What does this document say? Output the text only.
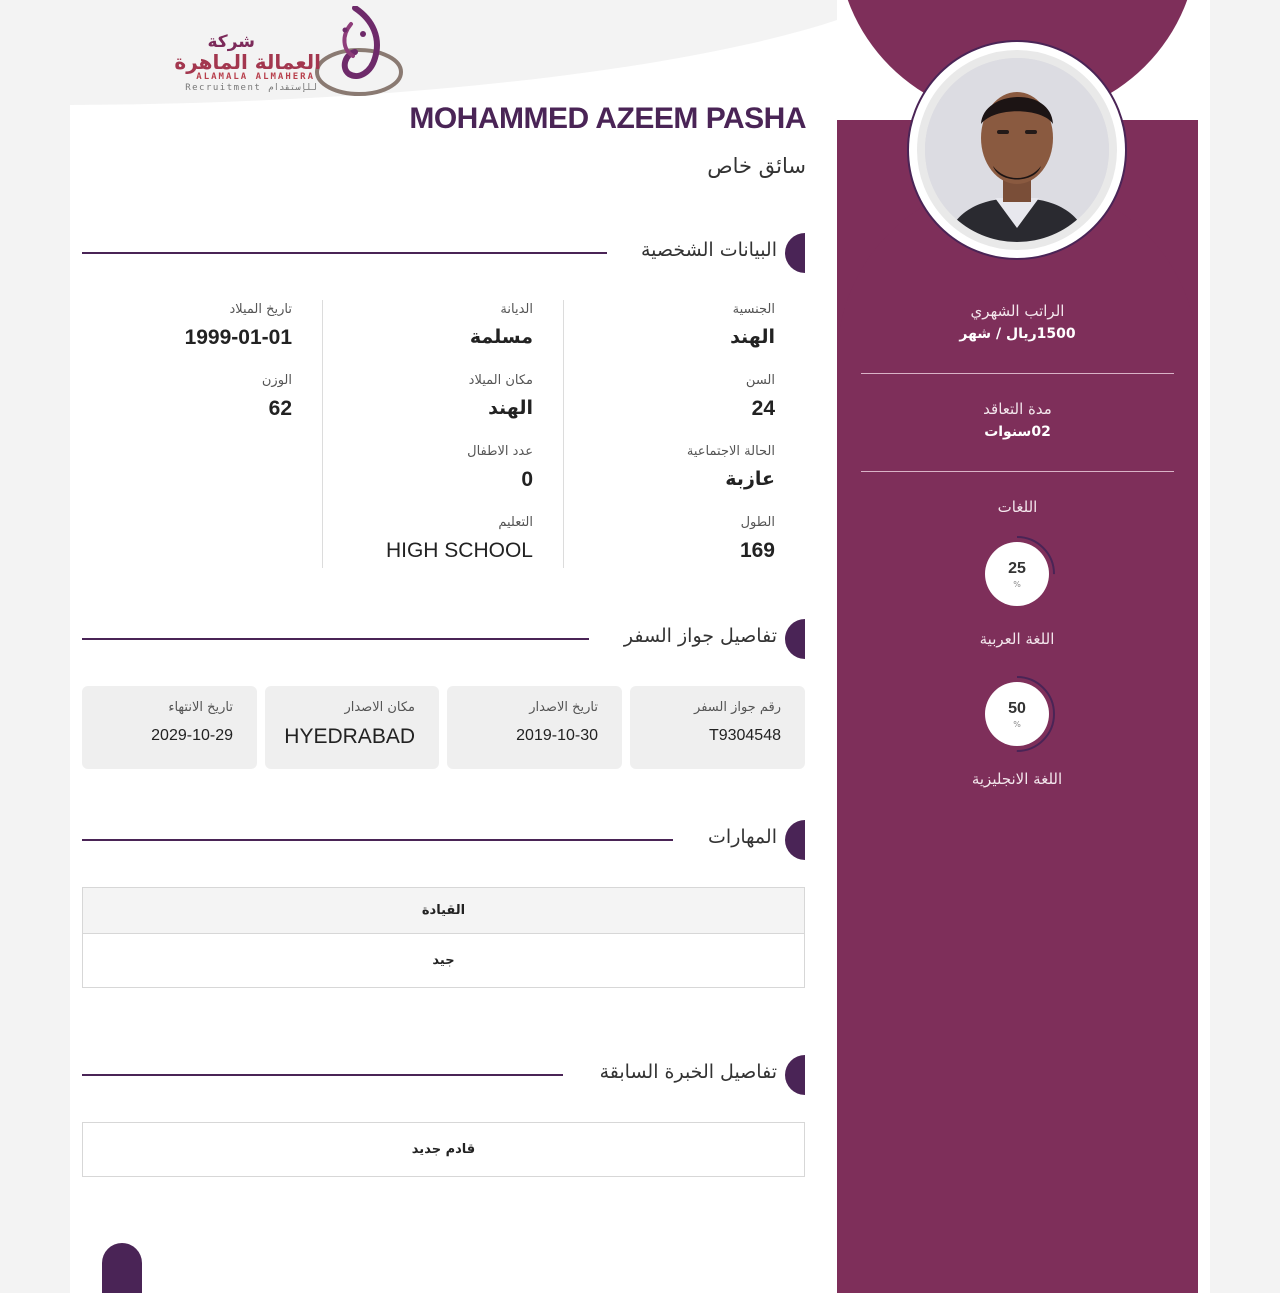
شركة
العمالة الماهرة
ALAMALA ALMAHERA
Recruitment للإستقدام
MOHAMMED AZEEM PASHA
سائق خاص
البيانات الشخصية
الجنسية
الهند
السن
24
الحالة الاجتماعية
عازبة
الطول
169
الديانة
مسلمة
مكان الميلاد
الهند
عدد الاطفال
0
التعليم
HIGH SCHOOL
تاريخ الميلاد
1999-01-01
الوزن
62
تفاصيل جواز السفر
رقم جواز السفر
T9304548
تاريخ الاصدار
2019-10-30
مكان الاصدار
HYEDRABAD
تاريخ الانتهاء
2029-10-29
المهارات
القيادة
جيد
تفاصيل الخبرة السابقة
قادم جديد
الراتب الشهري
1500ريال / شهر
مدة التعاقد
02سنوات
اللغات
25
%
اللغة العربية
50
%
اللغة الانجليزية
